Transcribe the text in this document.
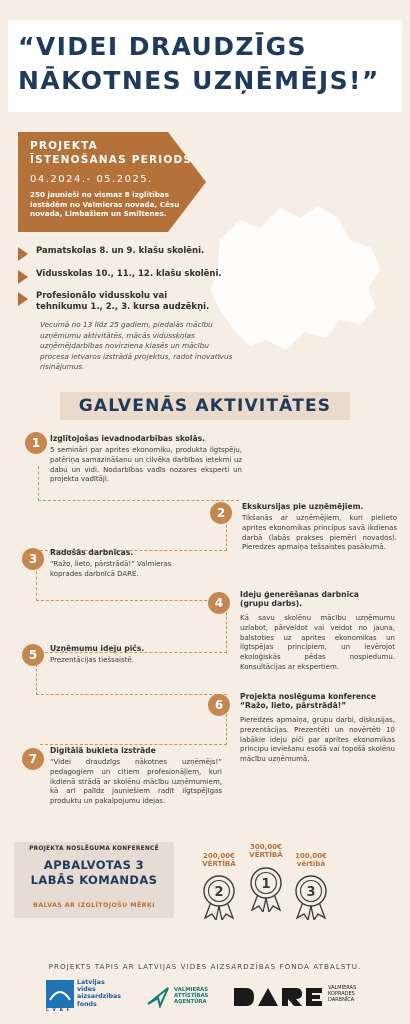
“VIDEI DRAUDZĪGS
NĀKOTNES UZŅĒMĒJS!”
PROJEKTA
ĪSTENOŠANAS PERIODS
04.2024.- 05.2025.
250 jaunieši no vismaz 8 izglītības iestādēm no Valmieras novada, Cēsu novada, Limbažiem un Smiltenes.
Pamatskolas 8. un 9. klašu skolēni.
Vidusskolas 10., 11., 12. klašu skolēni.
Profesionālo vidusskolu vai tehnikumu 1., 2., 3. kursa audzēkņi.
Vecumā no 13 līdz 25 gadiem, piedalās mācību uzņēmumu aktivitātēs, mācās vidusskolas uzņēmējdarbības novirziena klasēs un mācību procesa ietvaros izstrādā projektus, radot inovatīvus risinājumus.
GALVENĀS AKTIVITĀTES
1	Izglītojošas ievadnodarbības skolās.
5 semināri par aprites ekonomiku, produkta ilgtspēju, patēriņa samazināšanu un cilvēka darbības ietekmi uz dabu un vidi. Nodarbības vadīs nozares eksperti un projekta vadītāji.
2	Ekskursijas pie uzņēmējiem.
Tikšanās ar uzņēmējiem, kuri pielieto aprites ekonomikas principus savā ikdienas darbā (labās prakses piemēri novados). Pieredzes apmaiņa tešsaistes pasākumā.
3	Radošās darbnīcas.
“Ražo, lieto, pārstrādā!” Valmieras koprades darbnīcā DARE.
4
Ideju ģenerēšanas darbnīca (grupu darbs).
Kā savu skolēnu mācību uzņēmumu uzlabot, pārveidot vai veidot no jauna, balstoties uz aprites ekonomikas un ilgtspējas principiem, un ievērojot ekoloģiskās pēdas nospiedumu. Konsultācijas ar ekspertiem.
5	Uzņēmumu ideju pičs.
Prezentācijas tiešsaistē.
6
Projekta noslēguma konference “Ražo, lieto, pārstrādā!”
Pieredzes apmaiņa, grupu darbi, diskusijas, prezentācijas. Prezentēti un novērtēti 10 labākie ideju piči par aprites ekonomikas principu ieviešanu esošā vai topošā skolēnu mācību uzņēmumā.
7
Digitālā bukleta izstrāde
“Videi draudzīgs nākotnes uzņēmējs!” pedagogiem un citiem profesionāļiem, kuri ikdienā strādā ar skolēnu mācību uzņēmumiem, kā arī palīdz jauniešiem radīt ilgtspējīgas produktu un pakalpojumu idejas.
PROJEKTA NOSLĒGUMA KONFERENCĒ
APBALVOTAS 3
LABĀS KOMANDAS
BALVAS AR IZGLĪTOJOŠU MĒRĶI
200,00€
VĒRTĪBĀ
300,00€
VĒRTĪBĀ	100,00€
vērtībā
2
1
3
PROJEKTS TAPIS AR LATVIJAS VIDES AIZSARDZĪBAS FONDA ATBALSTU.
Latvijas
vides
aizsardzības
fonds
L V A F
VALMIERAS
ATTĪSTĪBAS
AĢENTŪRA
VALMIERAS
KOPRADES
DARBNĪCA
